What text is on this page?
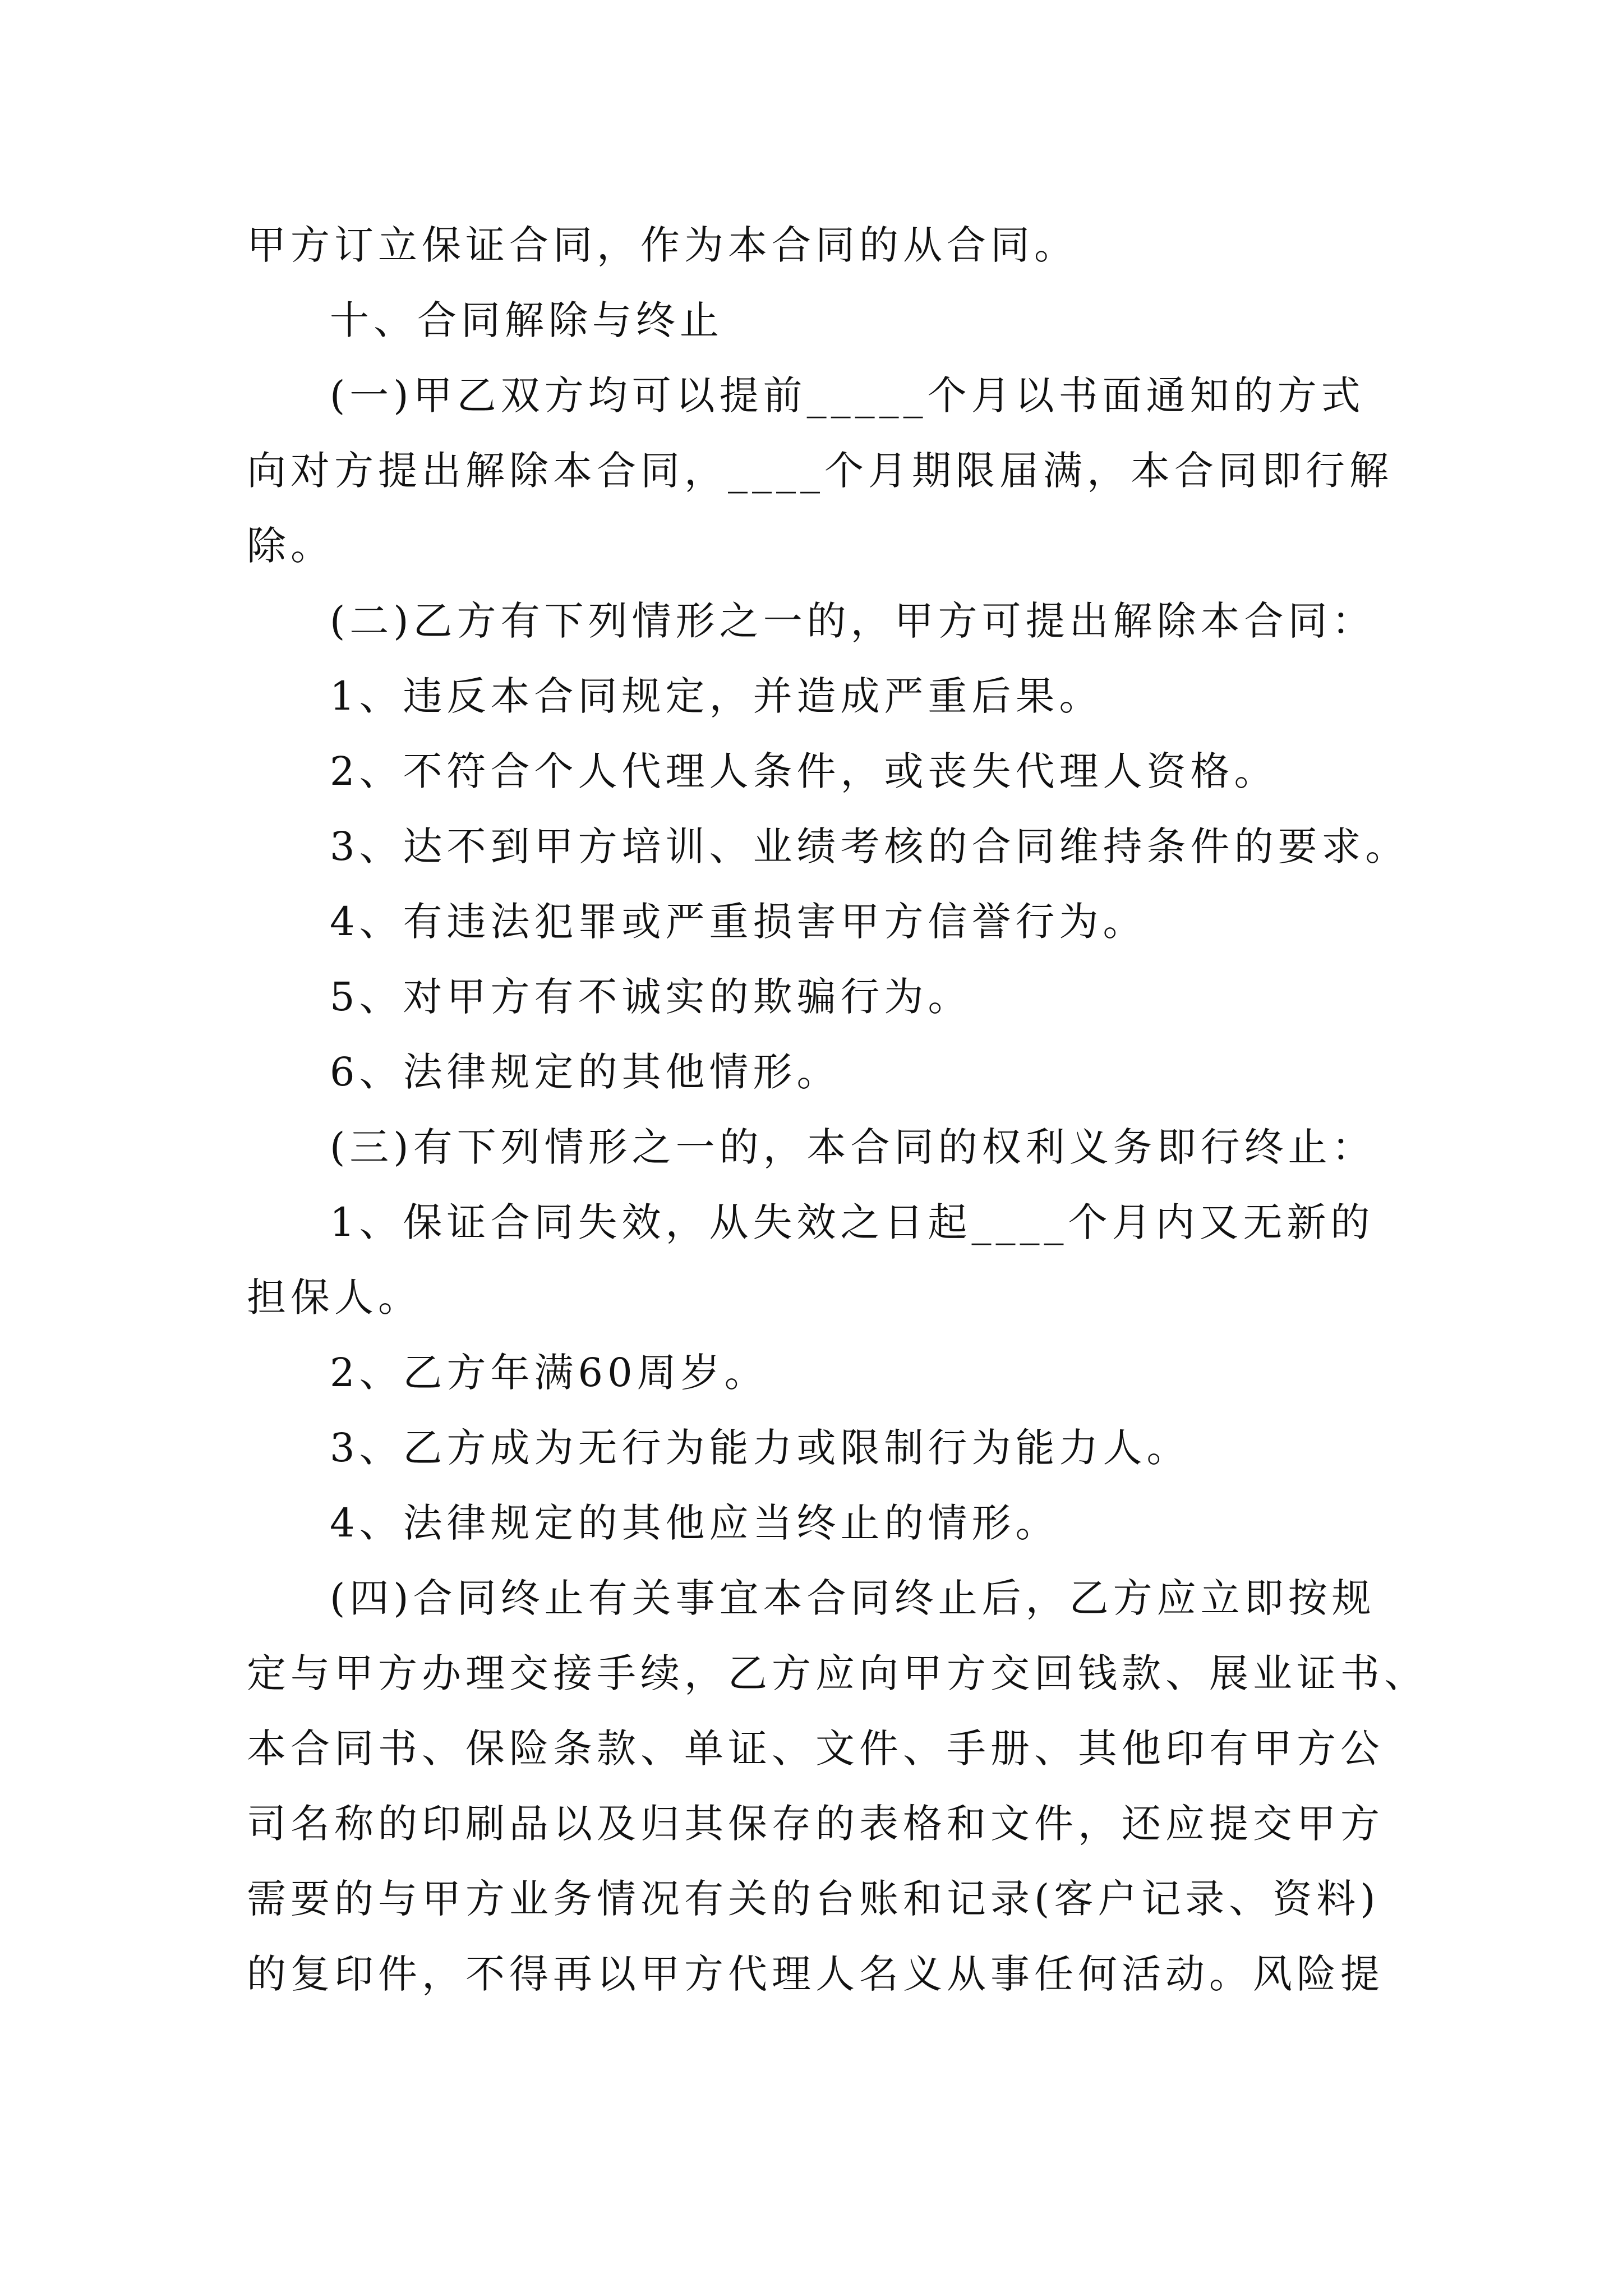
甲方订立保证合同，作为本合同的从合同。
十、合同解除与终止
(一)甲乙双方均可以提前_____个月以书面通知的方式
向对方提出解除本合同，____个月期限届满，本合同即行解
除。
(二)乙方有下列情形之一的，甲方可提出解除本合同：
1、违反本合同规定，并造成严重后果。
2、不符合个人代理人条件，或丧失代理人资格。
3、达不到甲方培训、业绩考核的合同维持条件的要求。
4、有违法犯罪或严重损害甲方信誉行为。
5、对甲方有不诚实的欺骗行为。
6、法律规定的其他情形。
(三)有下列情形之一的，本合同的权利义务即行终止：
1、保证合同失效，从失效之日起____个月内又无新的
担保人。
2、乙方年满60周岁。
3、乙方成为无行为能力或限制行为能力人。
4、法律规定的其他应当终止的情形。
(四)合同终止有关事宜本合同终止后，乙方应立即按规
定与甲方办理交接手续，乙方应向甲方交回钱款、展业证书、
本合同书、保险条款、单证、文件、手册、其他印有甲方公
司名称的印刷品以及归其保存的表格和文件，还应提交甲方
需要的与甲方业务情况有关的台账和记录(客户记录、资料)
的复印件，不得再以甲方代理人名义从事任何活动。风险提
